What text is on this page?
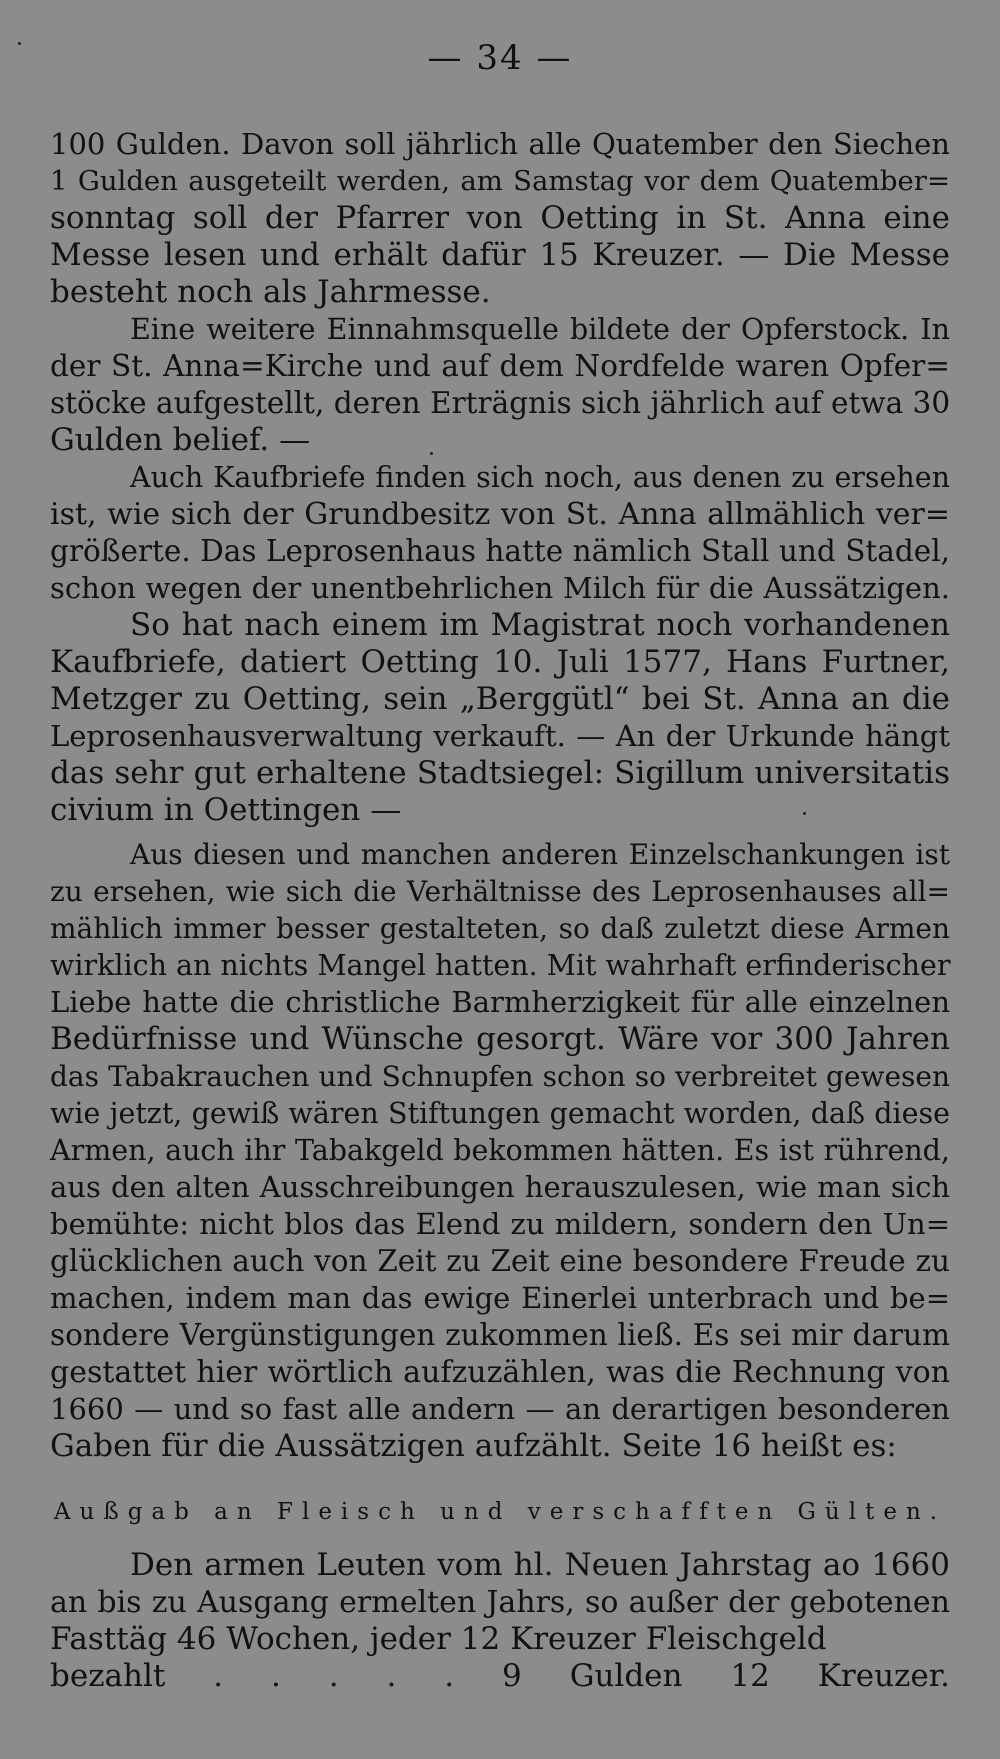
— 34 —
100 Gulden. Davon soll jährlich alle Quatember den Siechen
1 Gulden ausgeteilt werden, am Samstag vor dem Quatember=
sonntag soll der Pfarrer von Oetting in St. Anna eine
Messe lesen und erhält dafür 15 Kreuzer. — Die Messe
besteht noch als Jahrmesse.
Eine weitere Einnahmsquelle bildete der Opferstock. In
der St. Anna=Kirche und auf dem Nordfelde waren Opfer=
stöcke aufgestellt, deren Erträgnis sich jährlich auf etwa 30
Gulden belief. —
Auch Kaufbriefe finden sich noch, aus denen zu ersehen
ist, wie sich der Grundbesitz von St. Anna allmählich ver=
größerte. Das Leprosenhaus hatte nämlich Stall und Stadel,
schon wegen der unentbehrlichen Milch für die Aussätzigen.
So hat nach einem im Magistrat noch vorhandenen
Kaufbriefe, datiert Oetting 10. Juli 1577, Hans Furtner,
Metzger zu Oetting, sein „Berggütl“ bei St. Anna an die
Leprosenhausverwaltung verkauft. — An der Urkunde hängt
das sehr gut erhaltene Stadtsiegel: Sigillum universitatis
civium in Oettingen —
Aus diesen und manchen anderen Einzelschankungen ist
zu ersehen, wie sich die Verhältnisse des Leprosenhauses all=
mählich immer besser gestalteten, so daß zuletzt diese Armen
wirklich an nichts Mangel hatten. Mit wahrhaft erfinderischer
Liebe hatte die christliche Barmherzigkeit für alle einzelnen
Bedürfnisse und Wünsche gesorgt. Wäre vor 300 Jahren
das Tabakrauchen und Schnupfen schon so verbreitet gewesen
wie jetzt, gewiß wären Stiftungen gemacht worden, daß diese
Armen, auch ihr Tabakgeld bekommen hätten. Es ist rührend,
aus den alten Ausschreibungen herauszulesen, wie man sich
bemühte: nicht blos das Elend zu mildern, sondern den Un=
glücklichen auch von Zeit zu Zeit eine besondere Freude zu
machen, indem man das ewige Einerlei unterbrach und be=
sondere Vergünstigungen zukommen ließ. Es sei mir darum
gestattet hier wörtlich aufzuzählen, was die Rechnung von
1660 — und so fast alle andern — an derartigen besonderen
Gaben für die Aussätzigen aufzählt. Seite 16 heißt es:
Außgab an Fleisch und verschafften Gülten.
Den armen Leuten vom hl. Neuen Jahrstag ao 1660
an bis zu Ausgang ermelten Jahrs, so außer der gebotenen
Fasttäg 46 Wochen, jeder 12 Kreuzer Fleischgeld
bezahlt . . . . . 9 Gulden 12 Kreuzer.
